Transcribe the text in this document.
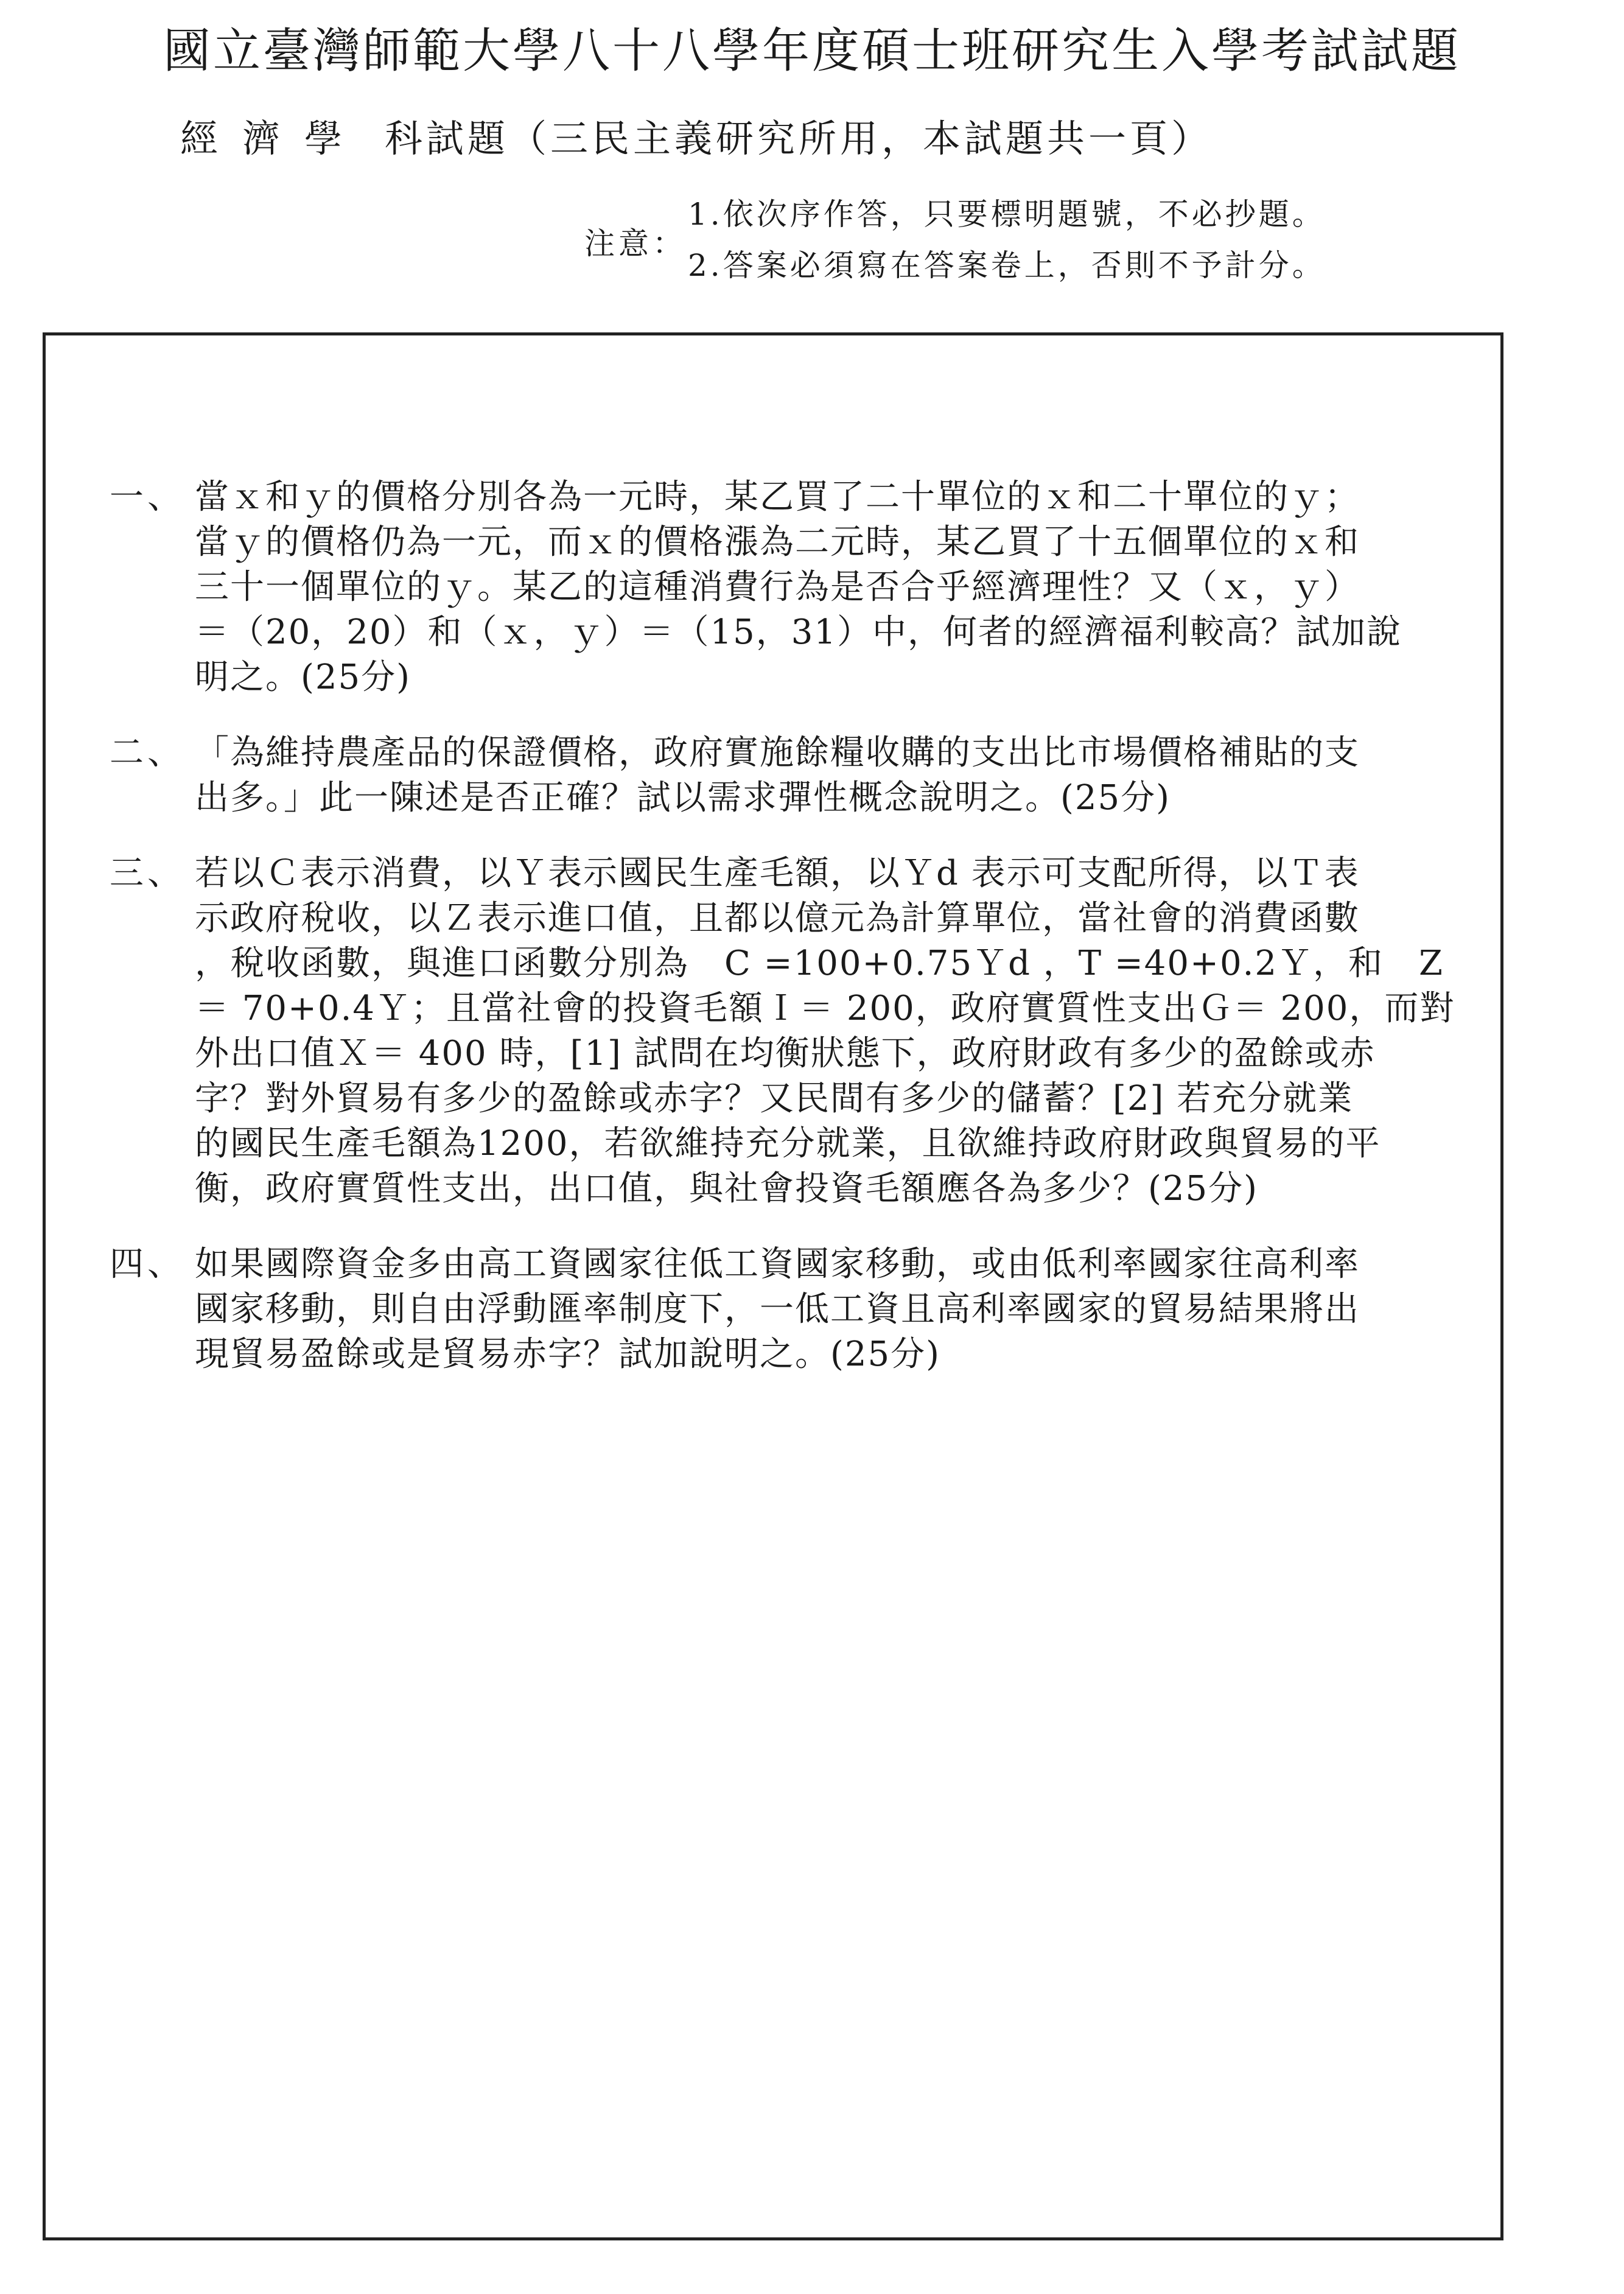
國立臺灣師範大學八十八學年度碩士班研究生入學考試試題
經濟學 科試題（三民主義研究所用，本試題共一頁）
注意：
1.依次序作答，只要標明題號，不必抄題。
2.答案必須寫在答案卷上，否則不予計分。
一、 當ｘ和ｙ的價格分別各為一元時，某乙買了二十單位的ｘ和二十單位的ｙ；
當ｙ的價格仍為一元，而ｘ的價格漲為二元時，某乙買了十五個單位的ｘ和
三十一個單位的ｙ。某乙的這種消費行為是否合乎經濟理性？又（ｘ，ｙ）
＝（20，20）和（ｘ，ｙ）＝（15，31）中，何者的經濟福利較高？試加說
明之。(25分)
二、 「為維持農產品的保證價格，政府實施餘糧收購的支出比市場價格補貼的支
出多。」此一陳述是否正確？試以需求彈性概念說明之。(25分)
三、 若以Ｃ表示消費，以Ｙ表示國民生產毛額，以Ｙd 表示可支配所得，以Ｔ表
示政府稅收，以Ｚ表示進口值，且都以億元為計算單位，當社會的消費函數
，稅收函數，與進口函數分別為　C =100+0.75Ｙd ，T =40+0.2Ｙ，和　Z
＝ 70+0.4Ｙ；且當社會的投資毛額Ｉ＝ 200，政府實質性支出Ｇ＝ 200，而對
外出口值Ｘ＝ 400 時，[1] 試問在均衡狀態下，政府財政有多少的盈餘或赤
字？對外貿易有多少的盈餘或赤字？又民間有多少的儲蓄？[2] 若充分就業
的國民生產毛額為1200，若欲維持充分就業，且欲維持政府財政與貿易的平
衡，政府實質性支出，出口值，與社會投資毛額應各為多少？(25分)
四、 如果國際資金多由高工資國家往低工資國家移動，或由低利率國家往高利率
國家移動，則自由浮動匯率制度下，一低工資且高利率國家的貿易結果將出
現貿易盈餘或是貿易赤字？試加說明之。(25分)
